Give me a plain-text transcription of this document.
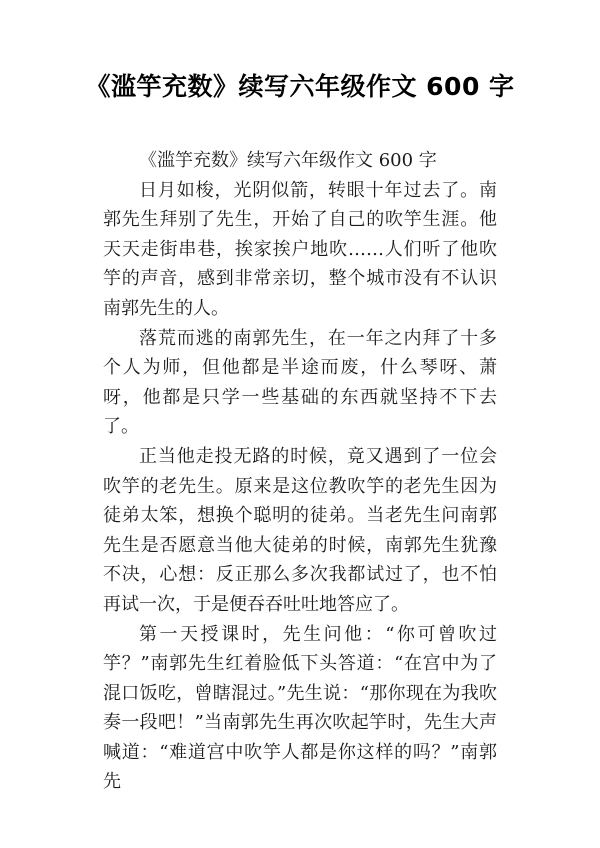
《滥竽充数》续写六年级作文 600 字

《滥竽充数》续写六年级作文 600 字

日月如梭，光阴似箭，转眼十年过去了。南郭先生拜别了先生，开始了自己的吹竽生涯。他天天走街串巷，挨家挨户地吹……人们听了他吹竽的声音，感到非常亲切，整个城市没有不认识南郭先生的人。

落荒而逃的南郭先生，在一年之内拜了十多个人为师，但他都是半途而废，什么琴呀、萧呀，他都是只学一些基础的东西就坚持不下去了。

正当他走投无路的时候，竟又遇到了一位会吹竽的老先生。原来是这位教吹竽的老先生因为徒弟太笨，想换个聪明的徒弟。当老先生问南郭先生是否愿意当他大徒弟的时候，南郭先生犹豫不决，心想：反正那么多次我都试过了，也不怕再试一次，于是便吞吞吐吐地答应了。

第一天授课时，先生问他：“你可曾吹过竽？”南郭先生红着脸低下头答道：“在宫中为了混口饭吃，曾瞎混过。”先生说：“那你现在为我吹奏一段吧！”当南郭先生再次吹起竽时，先生大声喊道：“难道宫中吹竽人都是你这样的吗？”南郭先
